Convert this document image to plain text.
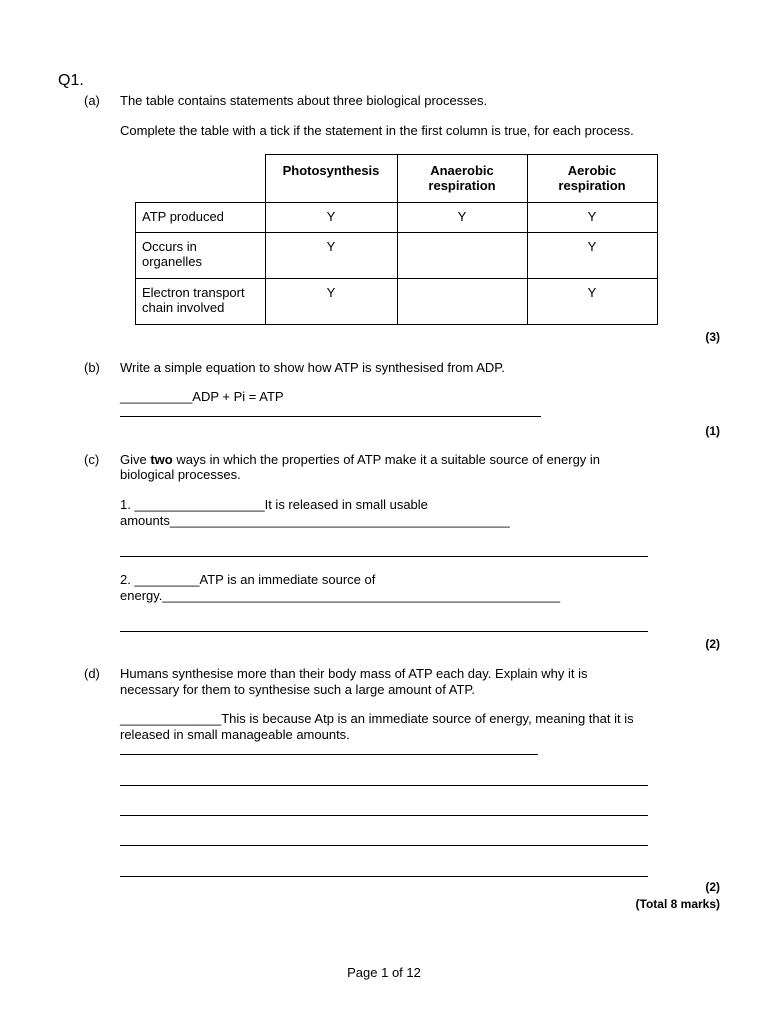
Q1.
(a)	The table contains statements about three biological processes.
Complete the table with a tick if the statement in the first column is true, for each process.
	Photosynthesis	Anaerobic
respiration	Aerobic
respiration
ATP produced	Y	Y	Y
Occurs in
organelles	Y		Y
Electron transport
chain involved	Y		Y
(3)
(b)	Write a simple equation to show how ATP is synthesised from ADP.
__________ADP + Pi = ATP
(1)
(c)	Give two ways in which the properties of ATP make it a suitable source of energy in
biological processes.
1. __________________It is released in small usable
amounts_______________________________________________
2. _________ATP is an immediate source of
energy._______________________________________________________
(2)
(d)	Humans synthesise more than their body mass of ATP each day. Explain why it is
necessary for them to synthesise such a large amount of ATP.
______________This is because Atp is an immediate source of energy, meaning that it is
released in small manageable amounts.
(2)
(Total 8 marks)
Page 1 of 12
